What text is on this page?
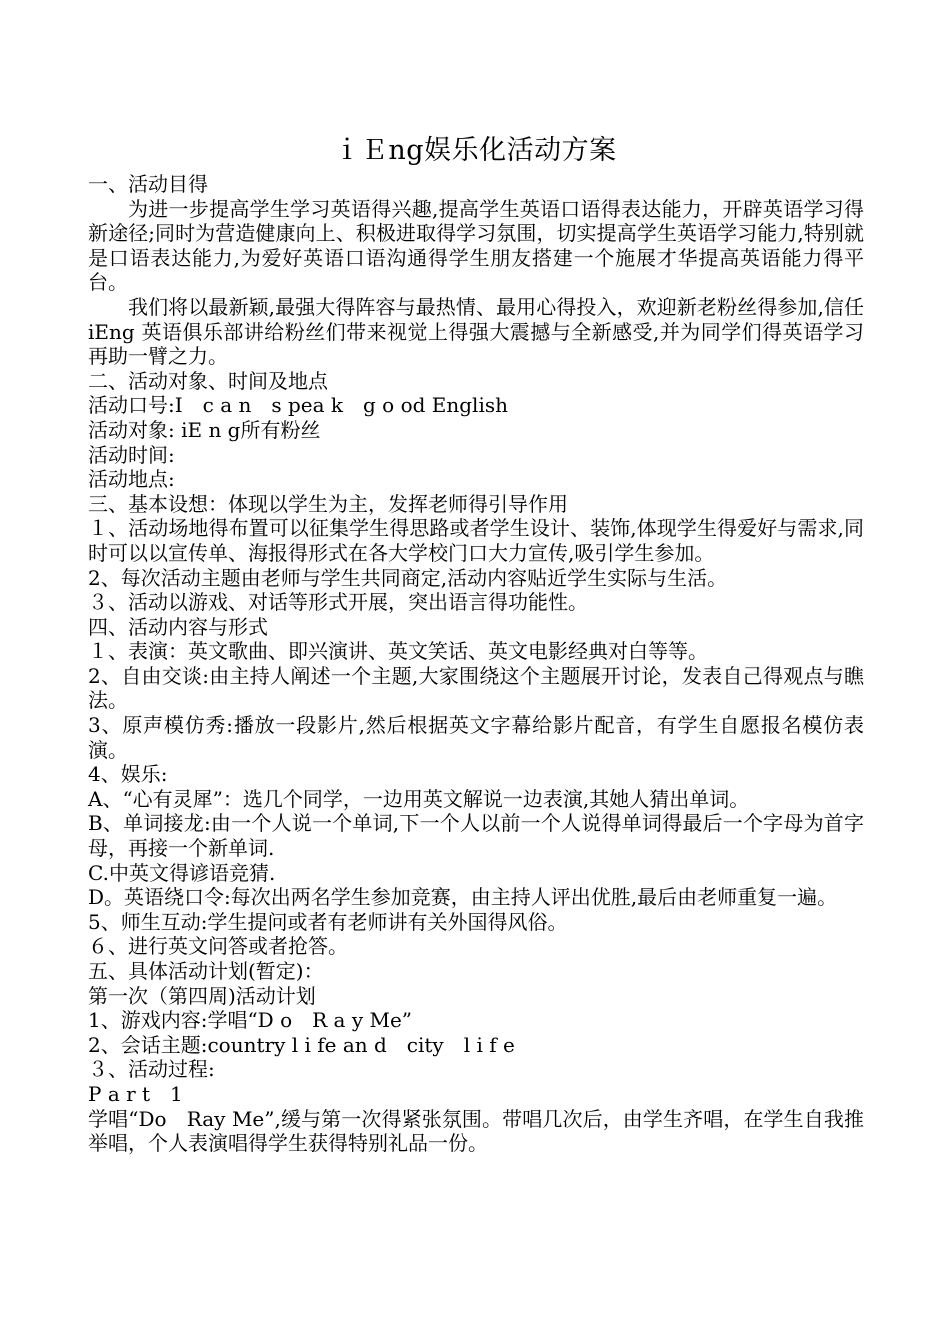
ｉＥng娱乐化活动方案

一、活动目得

为进一步提高学生学习英语得兴趣,提高学生英语口语得表达能力，开辟英语学习得新途径;同时为营造健康向上、积极进取得学习氛围，切实提高学生英语学习能力,特别就是口语表达能力,为爱好英语口语沟通得学生朋友搭建一个施展才华提高英语能力得平台。

我们将以最新颖,最强大得阵容与最热情、最用心得投入，欢迎新老粉丝得参加,信任iEng 英语俱乐部讲给粉丝们带来视觉上得强大震撼与全新感受,并为同学们得英语学习再助一臂之力。

二、活动对象、时间及地点

活动口号:I　c a n　s pea k　g o od English

活动对象: iE n g所有粉丝

活动时间:

活动地点:

三、基本设想：体现以学生为主，发挥老师得引导作用

１、活动场地得布置可以征集学生得思路或者学生设计、装饰,体现学生得爱好与需求,同时可以以宣传单、海报得形式在各大学校门口大力宣传,吸引学生参加。

2、每次活动主题由老师与学生共同商定,活动内容贴近学生实际与生活。

３、活动以游戏、对话等形式开展，突出语言得功能性。

四、活动内容与形式

１、表演：英文歌曲、即兴演讲、英文笑话、英文电影经典对白等等。

2、自由交谈:由主持人阐述一个主题,大家围绕这个主题展开讨论，发表自己得观点与瞧法。

3、原声模仿秀:播放一段影片,然后根据英文字幕给影片配音，有学生自愿报名模仿表演。

4、娱乐:

A、“心有灵犀”：选几个同学，一边用英文解说一边表演,其她人猜出单词。

B、单词接龙:由一个人说一个单词,下一个人以前一个人说得单词得最后一个字母为首字母，再接一个新单词.

C.中英文得谚语竞猜.

D。英语绕口令:每次出两名学生参加竞赛，由主持人评出优胜,最后由老师重复一遍。

5、师生互动:学生提问或者有老师讲有关外国得风俗。

６、进行英文问答或者抢答。

五、具体活动计划(暂定)：

第一次（第四周)活动计划

1、游戏内容:学唱“D o　R a y Me”

2、会话主题:country l i fe an d　city　l i f e

３、活动过程:

P a r t　1

学唱“Do　Ray Me”,缓与第一次得紧张氛围。带唱几次后，由学生齐唱，在学生自我推举唱，个人表演唱得学生获得特别礼品一份。
